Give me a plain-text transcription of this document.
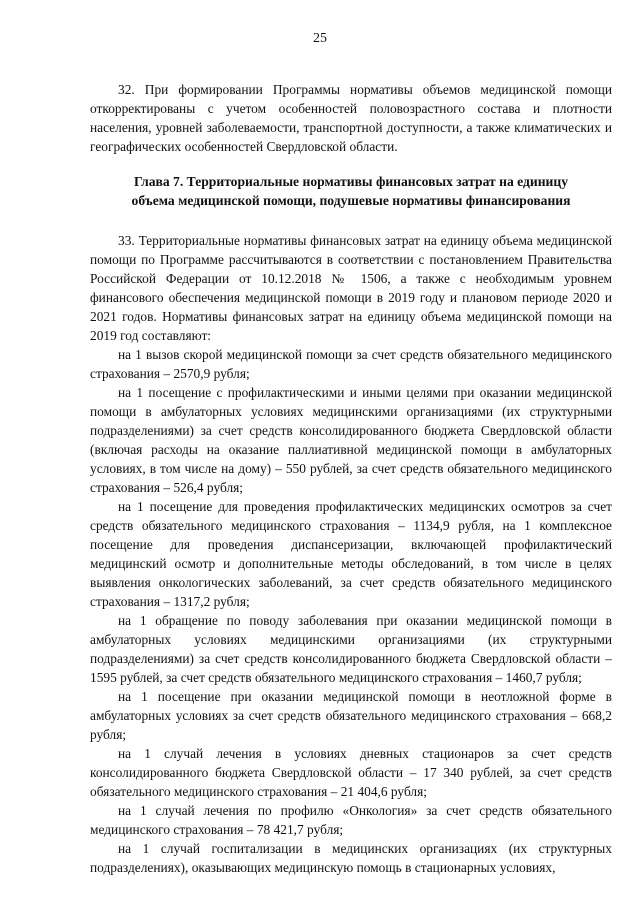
25

32. При формировании Программы нормативы объемов медицинской помощи откорректированы с учетом особенностей половозрастного состава и плотности населения, уровней заболеваемости, транспортной доступности, а также климатических и географических особенностей Свердловской области.

Глава 7. Территориальные нормативы финансовых затрат на единицу
объема медицинской помощи, подушевые нормативы финансирования

33. Территориальные нормативы финансовых затрат на единицу объема медицинской помощи по Программе рассчитываются в соответствии с постановлением Правительства Российской Федерации от 10.12.2018 № 1506, а также с необходимым уровнем финансового обеспечения медицинской помощи в 2019 году и плановом периоде 2020 и 2021 годов. Нормативы финансовых затрат на единицу объема медицинской помощи на 2019 год составляют:

на 1 вызов скорой медицинской помощи за счет средств обязательного медицинского страхования – 2570,9 рубля;

на 1 посещение с профилактическими и иными целями при оказании медицинской помощи в амбулаторных условиях медицинскими организациями (их структурными подразделениями) за счет средств консолидированного бюджета Свердловской области (включая расходы на оказание паллиативной медицинской помощи в амбулаторных условиях, в том числе на дому) – 550 рублей, за счет средств обязательного медицинского страхования – 526,4 рубля;

на 1 посещение для проведения профилактических медицинских осмотров за счет средств обязательного медицинского страхования – 1134,9 рубля, на 1 комплексное посещение для проведения диспансеризации, включающей профилактический медицинский осмотр и дополнительные методы обследований, в том числе в целях выявления онкологических заболеваний, за счет средств обязательного медицинского страхования – 1317,2 рубля;

на 1 обращение по поводу заболевания при оказании медицинской помощи в амбулаторных условиях медицинскими организациями (их структурными подразделениями) за счет средств консолидированного бюджета Свердловской области – 1595 рублей, за счет средств обязательного медицинского страхования – 1460,7 рубля;

на 1 посещение при оказании медицинской помощи в неотложной форме в амбулаторных условиях за счет средств обязательного медицинского страхования – 668,2 рубля;

на 1 случай лечения в условиях дневных стационаров за счет средств консолидированного бюджета Свердловской области – 17 340 рублей, за счет средств обязательного медицинского страхования – 21 404,6 рубля;

на 1 случай лечения по профилю «Онкология» за счет средств обязательного медицинского страхования – 78 421,7 рубля;

на 1 случай госпитализации в медицинских организациях (их структурных подразделениях), оказывающих медицинскую помощь в стационарных условиях,
